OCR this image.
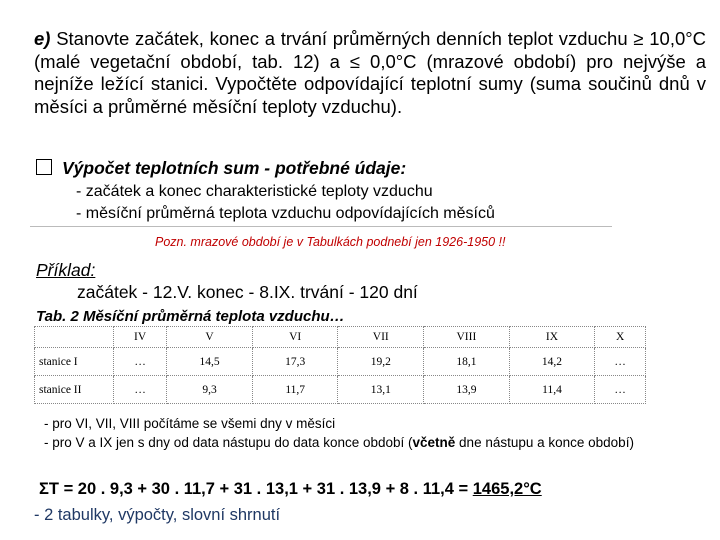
e) Stanovte začátek, konec a trvání průměrných denních teplot vzduchu ≥ 10,0°C (malé vegetační období, tab. 12) a ≤ 0,0°C (mrazové období) pro nejvýše a nejníže ležící stanici. Vypočtěte odpovídající teplotní sumy (suma součinů dnů v měsíci a průměrné měsíční teploty vzduchu).
Výpočet teplotních sum - potřebné údaje:
- začátek a konec charakteristické teploty vzduchu
- měsíční průměrná teplota vzduchu odpovídajících měsíců
Pozn. mrazové období je v Tabulkách podnebí jen 1926-1950 !!
Příklad:
začátek - 12.V. konec - 8.IX. trvání - 120 dní
Tab. 2 Měsíční průměrná teplota vzduchu…
	IV	V	VI	VII	VIII	IX	X
stanice I	…	14,5	17,3	19,2	18,1	14,2	…
stanice II	…	9,3	11,7	13,1	13,9	11,4	…
- pro VI, VII, VIII počítáme se všemi dny v měsíci
- pro V a IX jen s dny od data nástupu do data konce období (včetně dne nástupu a konce období)
ΣT = 20 . 9,3 + 30 . 11,7 + 31 . 13,1 + 31 . 13,9 + 8 . 11,4 = 1465,2°C
- 2 tabulky, výpočty, slovní shrnutí
